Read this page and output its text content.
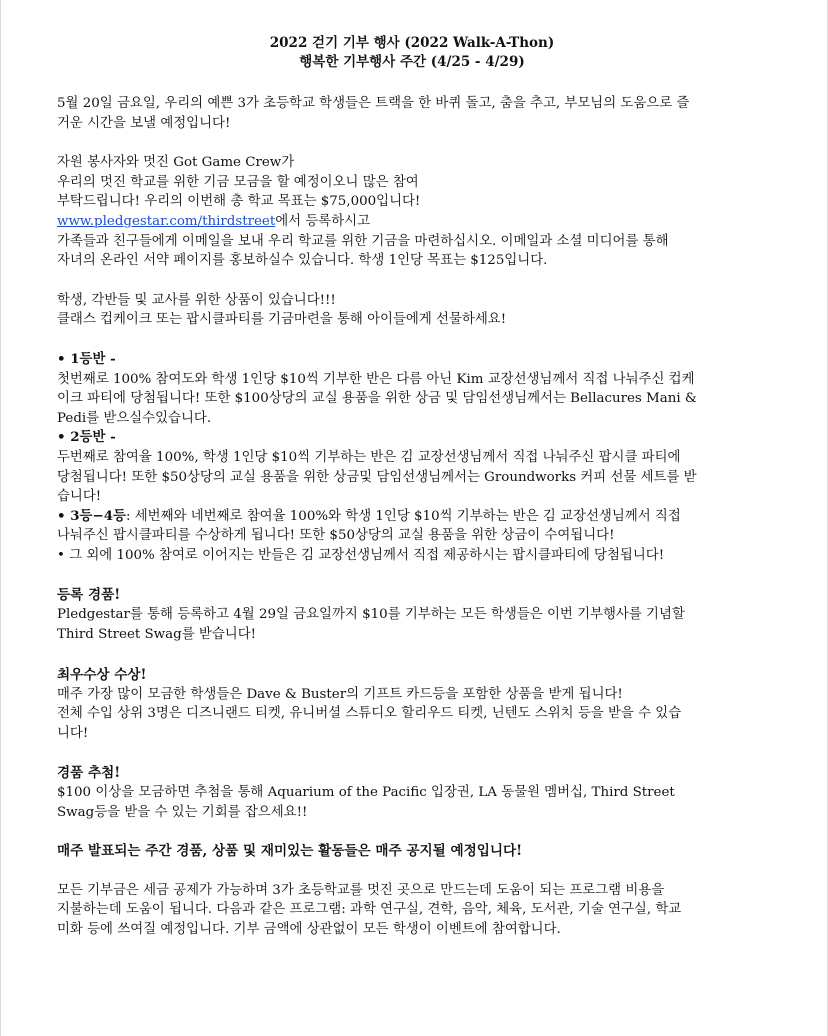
2022 걷기 기부 행사 (2022 Walk-A-Thon)
행복한 기부행사 주간 (4/25 - 4/29)

5월 20일 금요일, 우리의 예쁜 3가 초등학교 학생들은 트랙을 한 바퀴 돌고, 춤을 추고, 부모님의 도움으로 즐

거운 시간을 보낼 예정입니다!

자원 봉사자와 멋진 Got Game Crew가

우리의 멋진 학교를 위한 기금 모금을 할 예정이오니 많은 참여

부탁드립니다! 우리의 이번해 총 학교 목표는 $75,000입니다!

www.pledgestar.com/thirdstreet에서 등록하시고

가족들과 친구들에게 이메일을 보내 우리 학교를 위한 기금을 마련하십시오. 이메일과 소셜 미디어를 통해

자녀의 온라인 서약 페이지를 홍보하실수 있습니다. 학생 1인당 목표는 $125입니다.

학생, 각반들 및 교사를 위한 상품이 있습니다!!!

클래스 컵케이크 또는 팝시클파티를 기금마련을 통해 아이들에게 선물하세요!

• 1등반 -

첫번째로 100% 참여도와 학생 1인당 $10씩 기부한 반은 다름 아닌 Kim 교장선생님께서 직접 나눠주신 컵케

이크 파티에 당첨됩니다! 또한 $100상당의 교실 용품을 위한 상금 및 담임선생님께서는 Bellacures Mani &

Pedi를 받으실수있습니다.

• 2등반 -

두번째로 참여율 100%, 학생 1인당 $10씩 기부하는 반은 김 교장선생님께서 직접 나눠주신 팝시클 파티에

당첨됩니다! 또한 $50상당의 교실 용품을 위한 상금및 담임선생님께서는 Groundworks 커피 선물 세트를 받

습니다!

• 3등−4등: 세번째와 네번째로 참여율 100%와 학생 1인당 $10씩 기부하는 반은 김 교장선생님께서 직접

나눠주신 팝시클파티를 수상하게 됩니다! 또한 $50상당의 교실 용품을 위한 상금이 수여됩니다!

• 그 외에 100% 참여로 이어지는 반들은 김 교장선생님께서 직접 제공하시는 팝시클파티에 당첨됩니다!

등록 경품!

Pledgestar를 통해 등록하고 4월 29일 금요일까지 $10를 기부하는 모든 학생들은 이번 기부행사를 기념할

Third Street Swag를 받습니다!

최우수상 수상!

매주 가장 많이 모금한 학생들은 Dave & Buster의 기프트 카드등을 포함한 상품을 받게 됩니다!

전체 수입 상위 3명은 디즈니랜드 티켓, 유니버셜 스튜디오 할리우드 티켓, 닌텐도 스위치 등을 받을 수 있습

니다!

경품 추첨!

$100 이상을 모금하면 추첨을 통해 Aquarium of the Pacific 입장권, LA 동물원 멤버십, Third Street

Swag등을 받을 수 있는 기회를 잡으세요!!

매주 발표되는 주간 경품, 상품 및 재미있는 활동들은 매주 공지될 예정입니다!

모든 기부금은 세금 공제가 가능하며 3가 초등학교를 멋진 곳으로 만드는데 도움이 되는 프로그램 비용을

지불하는데 도움이 됩니다. 다음과 같은 프로그램: 과학 연구실, 견학, 음악, 체육, 도서관, 기술 연구실, 학교

미화 등에 쓰여질 예정입니다. 기부 금액에 상관없이 모든 학생이 이벤트에 참여합니다.
